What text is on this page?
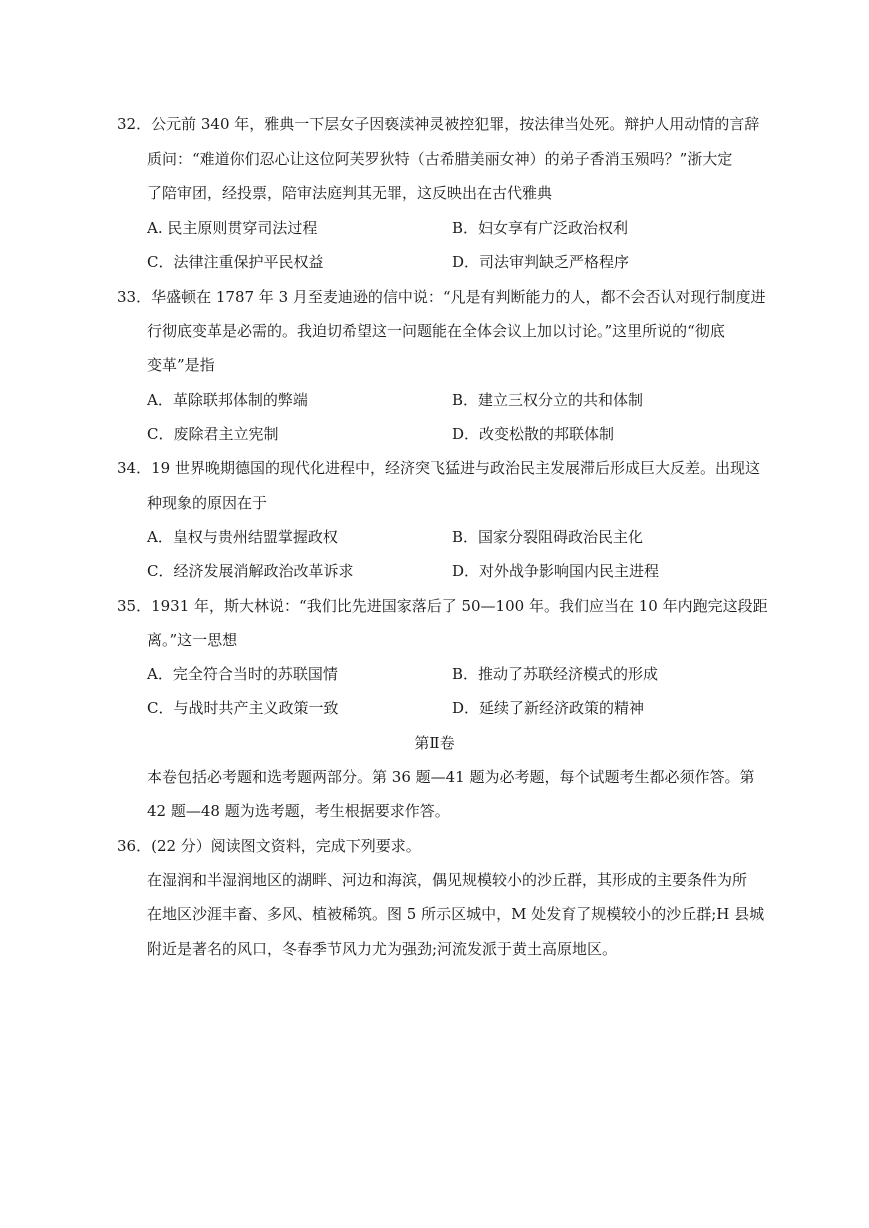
32．公元前 340 年，雅典一下层女子因亵渎神灵被控犯罪，按法律当处死。辩护人用动情的言辞
质问：“难道你们忍心让这位阿芙罗狄特（古希腊美丽女神）的弟子香消玉殒吗？”浙大定
了陪审团，经投票，陪审法庭判其无罪，这反映出在古代雅典
A. 民主原则贯穿司法过程	B．妇女享有广泛政治权利
C．法律注重保护平民权益	D．司法审判缺乏严格程序
33．华盛顿在 1787 年 3 月至麦迪逊的信中说：“凡是有判断能力的人，都不会否认对现行制度进
行彻底变革是必需的。我迫切希望这一问题能在全体会议上加以讨论。”这里所说的“彻底
变革”是指
A．革除联邦体制的弊端	B．建立三权分立的共和体制
C．废除君主立宪制	D．改变松散的邦联体制
34．19 世界晚期德国的现代化进程中，经济突飞猛进与政治民主发展滞后形成巨大反差。出现这
种现象的原因在于
A．皇权与贵州结盟掌握政权	B．国家分裂阻碍政治民主化
C．经济发展消解政治改革诉求	D．对外战争影响国内民主进程
35．1931 年，斯大林说：“我们比先进国家落后了 50—100 年。我们应当在 10 年内跑完这段距
离。”这一思想
A．完全符合当时的苏联国情	B．推动了苏联经济模式的形成
C．与战时共产主义政策一致	D．延续了新经济政策的精神
第Ⅱ卷
本卷包括必考题和选考题两部分。第 36 题—41 题为必考题，每个试题考生都必须作答。第
42 题—48 题为选考题，考生根据要求作答。
36．(22 分）阅读图文资料，完成下列要求。
在湿润和半湿润地区的湖畔、河边和海滨，偶见规模较小的沙丘群，其形成的主要条件为所
在地区沙涯丰畜、多风、植被稀筑。图 5 所示区城中，M 处发育了规模较小的沙丘群;H 县城
附近是著名的风口，冬春季节风力尤为强劲;河流发派于黄土高原地区。
